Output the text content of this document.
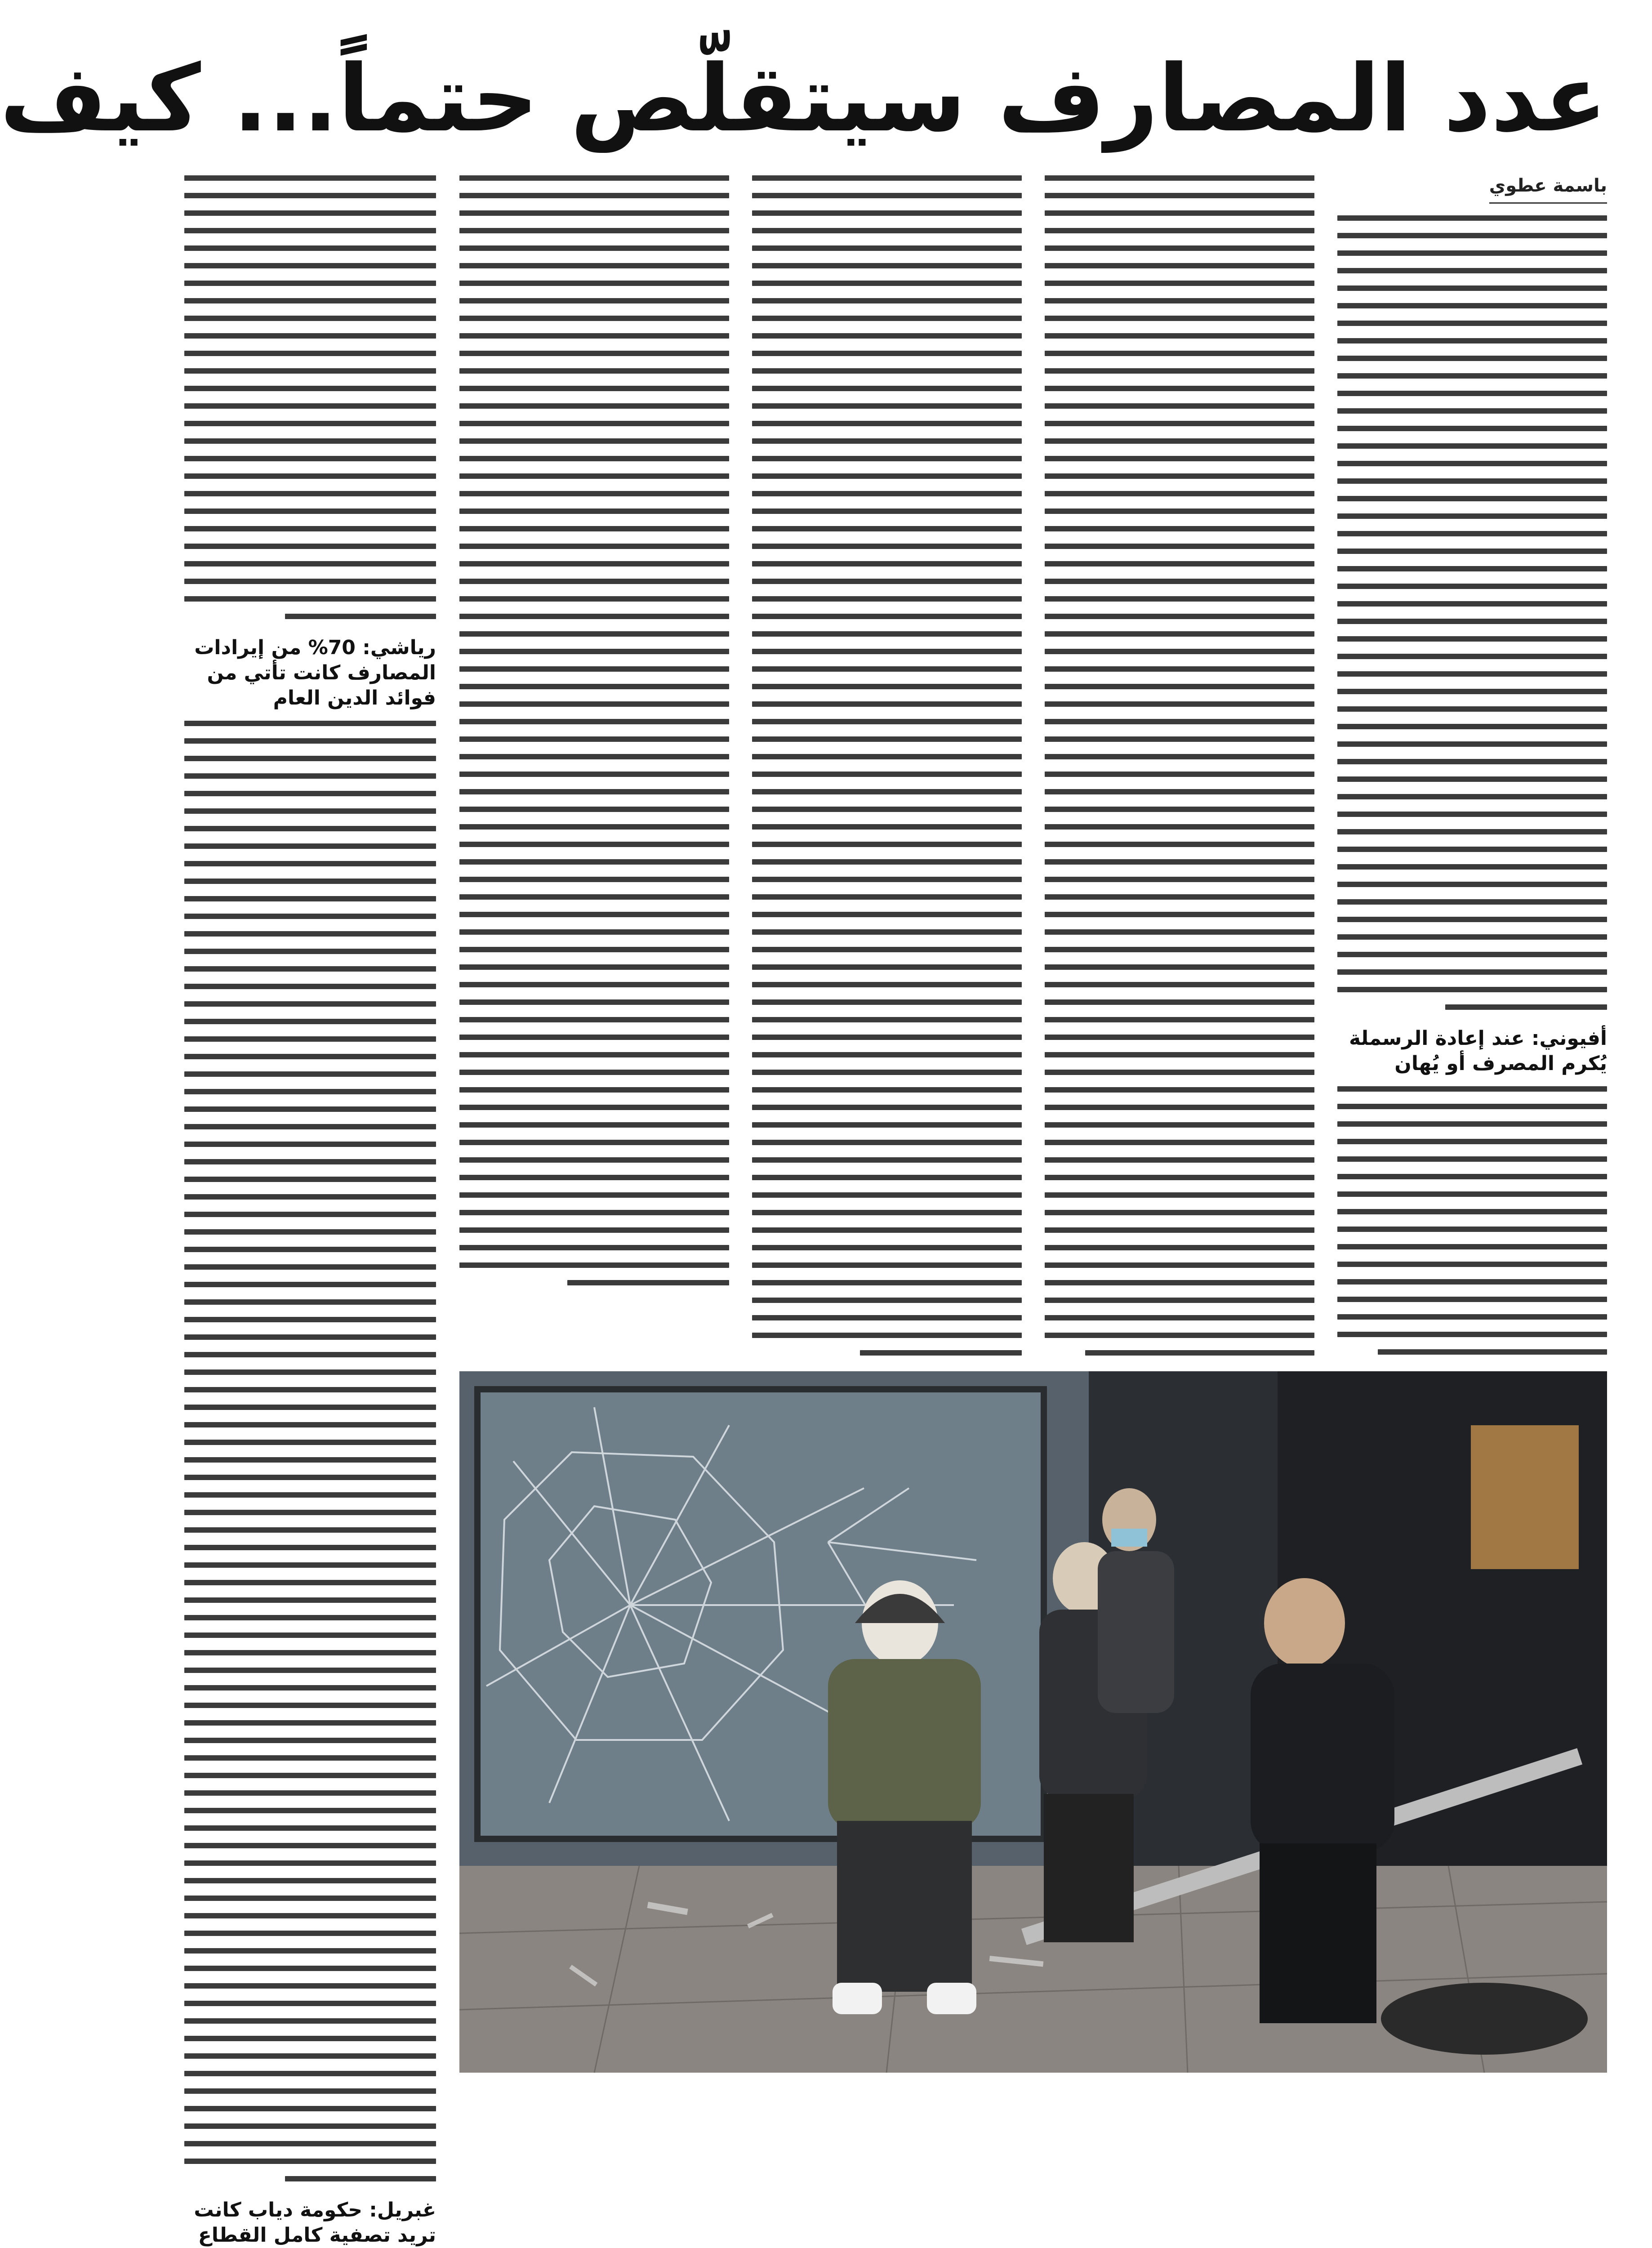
عدد المصارف سيتقلّص حتماً... كيف
باسمة عطوي
أفيوني: عند إعادة الرسملة يُكرم المصرف أو يُهان
رياشي: 70% من إيرادات المصارف كانت تأتي من فوائد الدين العام
غبريل: حكومة دياب كانت تريد تصفية كامل القطاع
